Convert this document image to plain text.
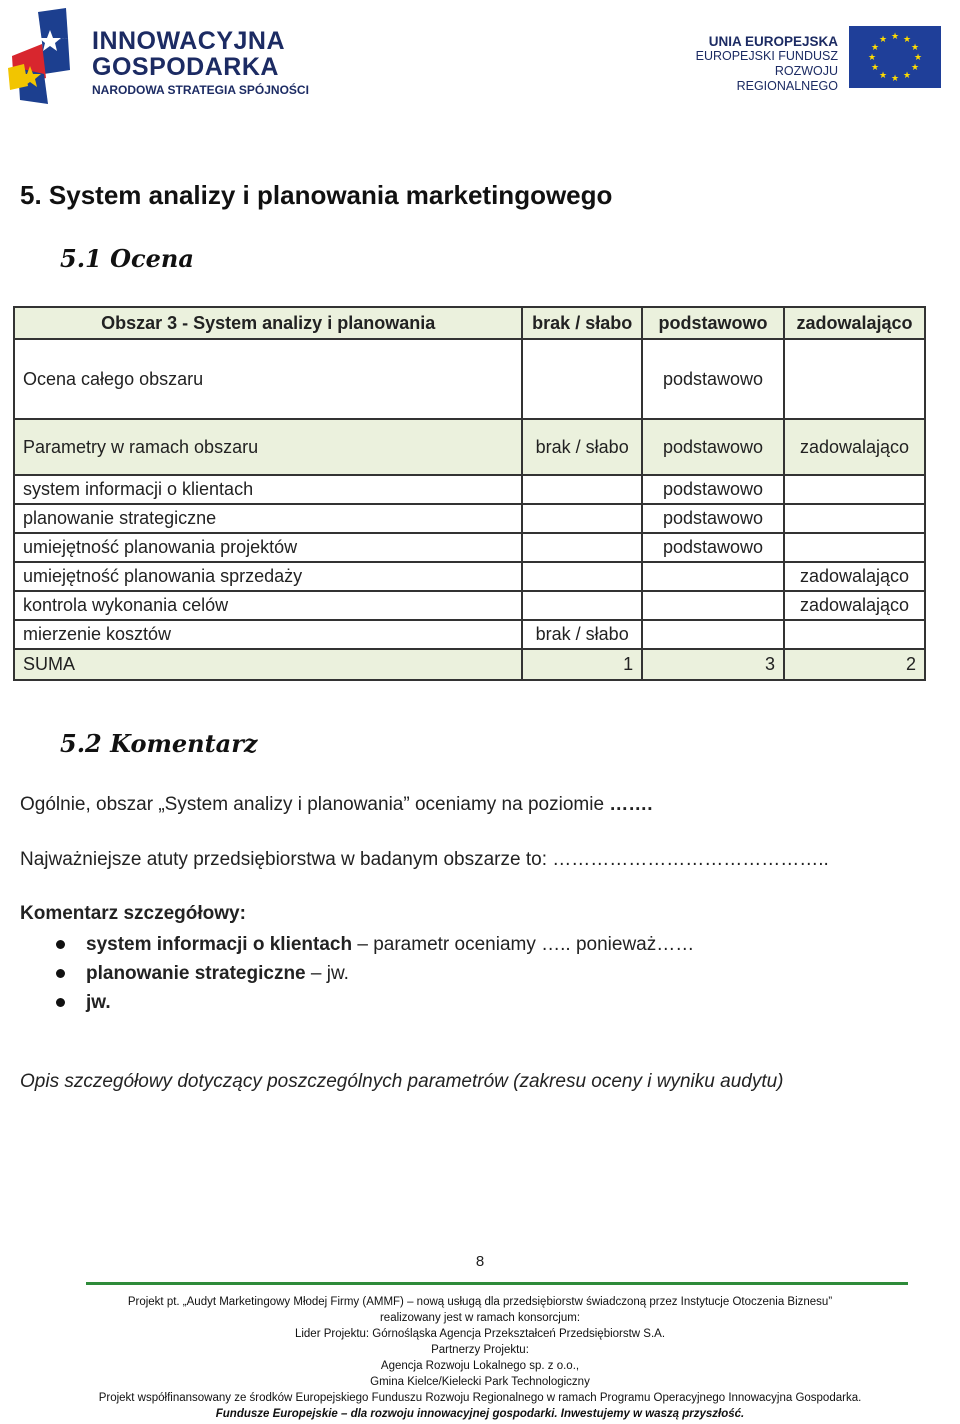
INNOWACYJNA
GOSPODARKA
NARODOWA STRATEGIA SPÓJNOŚCI
UNIA EUROPEJSKA
EUROPEJSKI FUNDUSZ
ROZWOJU REGIONALNEGO
★ ★
★
★
★
★
★
★
★
★
★
★
5. System analizy i planowania marketingowego
5.1 Ocena
Obszar 3 - System analizy i planowania	brak / słabo	podstawowo	zadowalająco
Ocena całego obszaru		podstawowo	
Parametry w ramach obszaru	brak / słabo	podstawowo	zadowalająco
system informacji o klientach		podstawowo	
planowanie strategiczne		podstawowo	
umiejętność planowania projektów		podstawowo	
umiejętność planowania sprzedaży			zadowalająco
kontrola wykonania celów			zadowalająco
mierzenie kosztów	brak / słabo		
SUMA	1	3	2
5.2 Komentarz

Ogólnie, obszar „System analizy i planowania” oceniamy na poziomie …….

Najważniejsze atuty przedsiębiorstwa w badanym obszarze to: ……………………………………..

Komentarz szczegółowy:

system informacji o klientach – parametr oceniamy ….. ponieważ……
planowanie strategiczne – jw.
jw.

Opis szczegółowy dotyczący poszczególnych parametrów (zakresu oceny i wyniku audytu)

8
Projekt pt. „Audyt Marketingowy Młodej Firmy (AMMF) – nową usługą dla przedsiębiorstw świadczoną przez Instytucje Otoczenia Biznesu”
realizowany jest w ramach konsorcjum:
Lider Projektu: Górnośląska Agencja Przekształceń Przedsiębiorstw S.A.
Partnerzy Projektu:
Agencja Rozwoju Lokalnego sp. z o.o.,
Gmina Kielce/Kielecki Park Technologiczny
Projekt współfinansowany ze środków Europejskiego Funduszu Rozwoju Regionalnego w ramach Programu Operacyjnego Innowacyjna Gospodarka.
Fundusze Europejskie – dla rozwoju innowacyjnej gospodarki. Inwestujemy w waszą przyszłość.
